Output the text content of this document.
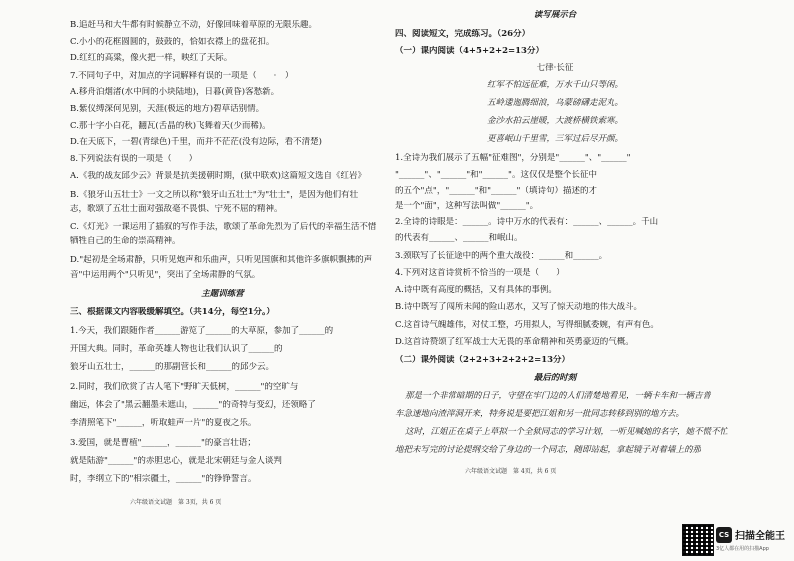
B.追赶马和大牛都有时候静立不动，好像回味着草原的无限乐趣。
C.小小的花框圆圆的，鼓鼓的，恰如衣襟上的盘花扣。
D.红红的高粱，像火把一样，映红了天际。
7.不同句子中，对加点的字词解释有误的一项是（　　·　）
A.移舟泊烟渚(水中间的小块陆地)，日暮(黄昏)客愁新。
B.紫仪缚深何见别，天涯(极远的地方)碧草话别情。
C.那十字小白花，翻瓦(舌晶的秋)飞舞着天(少而稀)。
D.在天底下，一碧(青绿色)千里，而并不茫茫(没有边际，看不清楚)
8.下列说法有误的一项是（　　）
A.《我的战友邱少云》背景是抗美援朝时期，(狱中联欢)这篇短文选自《红岩》
B.《狼牙山五壮士》一文之所以称"狼牙山五壮士"为"壮士"，是因为他们有壮
志，歌颂了五壮士面对强敌毫不畏惧、宁死不屈的精神。
C.《灯光》一课运用了插叙的写作手法，歌颂了革命先烈为了后代的幸福生活不惜
牺牲自己的生命的崇高精神。
D."起初是全场肃静，只听见炮声和乐曲声，只听见国旗和其他许多旗帜飘拂的声
音"中运用两个"只听见"，突出了全场肃静的气氛。
主题训练营
三、根据课文内容吸缓解填空。（共14分，每空1分。）
1.今天，我们跟随作者______游览了______的大草原，参加了______的
开国大典。同时，革命英雄人物也让我们认识了______的
狼牙山五壮士，______的那副营长和______的邱少云。
2.同时，我们欣赏了古人笔下"野旷天低树，______"的空旷与
幽远，体会了"黑云翻墨未遮山，______"的奇特与变幻，还领略了
李清照笔下"______，听取蛙声一片"的夏夜之乐。
3.爱国，就是曹植"______，______"的豪言壮语；
就是陆游"______"的赤胆忠心，就是北宋朝廷与金人谈判
时，李纲立下的"相宗疆土，______"的铮铮誓言。
六年级语文试题　第 3页，共 6 页
读写展示台
四、阅读短文，完成练习。（26分）
（一）课内阅读（4+5+2+2=13分）
七律·长征
红军不怕远征难，万水千山只等闲。
五岭逶迤腾细浪，乌蒙磅礴走泥丸。
金沙水拍云崖暖，大渡桥横铁索寒。
更喜岷山千里雪，三军过后尽开颜。
1.全诗为我们展示了五幅"征难图"，分别是"______"、"______"
"______"、"______"和"______"。这仅仅是整个长征中
的五个"点"，"______"和"______"（填诗句）描述的才
是一个"面"，这种写法叫做"______"。
2.全诗的诗眼是：______。诗中万水的代表有：______、______。千山
的代表有______、______和岷山。
3.颈联写了长征途中的两个重大战役：______和______。
4.下列对这首诗赏析不恰当的一项是（　　）
A.诗中既有高度的概括，又有具体的事例。
B.诗中既写了闯所未闻的险山恶水，又写了惊天动地的伟大战斗。
C.这首诗气魄雄伟，对仗工整，巧用拟人，写得细腻委婉，有声有色。
D.这首诗赞颂了红军战士大无畏的革命精神和英勇豪迈的气概。
（二）课外阅读（2+2+3+2+2+2=13分）
最后的时刻
那是一个非常暗期的日子，守望在牢门边的人们清楚地看见，一辆卡车和一辆吉普
车急速地向渣滓洞开来，特务说是要把江姐和另一批同志转移到别的地方去。
这时，江姐正在桌子上草拟一个全狱同志的学习计划，一听见喊她的名字，她不慌不忙
地把未写完的讨论提纲交给了身边的一个同志，随即站起，拿起镜子对着墙上的那
六年级语文试题　第 4页，共 6 页
CS 扫描全能王
3亿人都在用的扫描App
